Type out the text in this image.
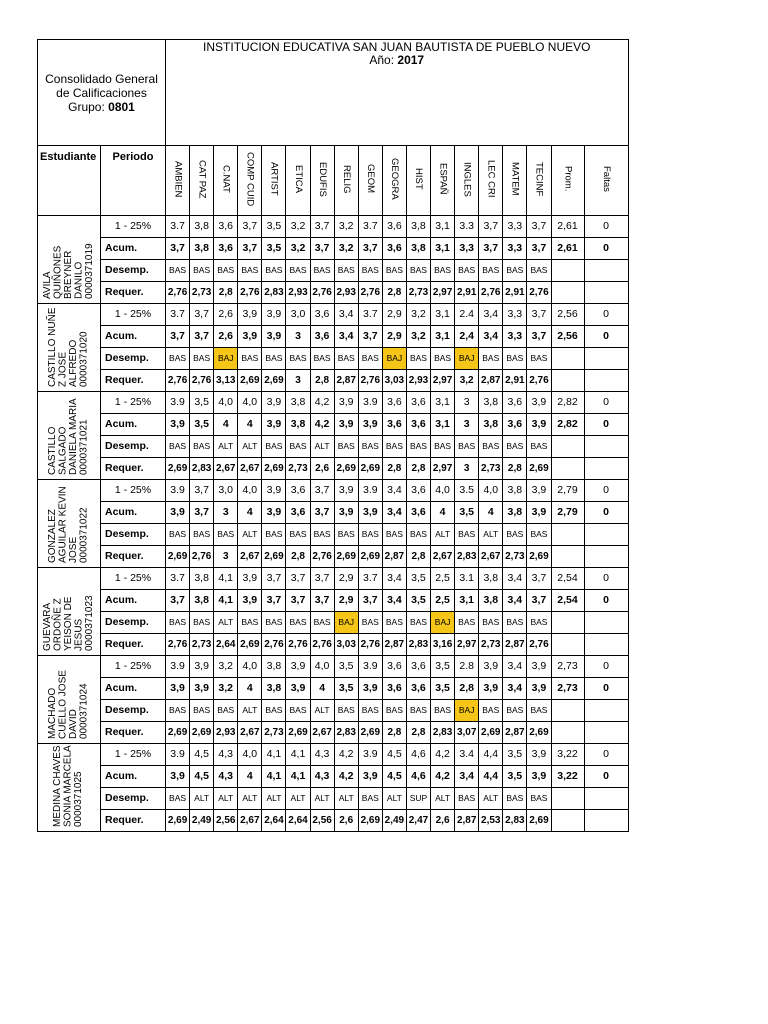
Consolidado General
de Calificaciones
Grupo: 0801		INSTITUCION EDUCATIVA SAN JUAN BAUTISTA DE PUEBLO NUEVO
Año: 2017																	
Estudiante	Periodo	AMBIEN	CAT PAZ	C.NAT	COMP CUID	ARTIST	ETICA	EDUFIS	RELIG	GEOM	GEOGRA	HIST	ESPAÑ	INGLES	LEC CRI	MATEM	TECINF	Prom.	Faltas
AVILA QUIÑONES BREYNER DANILO 0000371019	1 - 25%	3.7	3,8	3,6	3,7	3,5	3,2	3,7	3,2	3.7	3,6	3,8	3,1	3.3	3,7	3,3	3,7	2,61	0
	Acum.	3,7	3,8	3,6	3,7	3,5	3,2	3,7	3,2	3,7	3,6	3,8	3,1	3,3	3,7	3,3	3,7	2,61	0
	Desemp.	BAS	BAS	BAS	BAS	BAS	BAS	BAS	BAS	BAS	BAS	BAS	BAS	BAS	BAS	BAS	BAS		
	Requer.	2,76	2,73	2,8	2,76	2,83	2,93	2,76	2,93	2,76	2,8	2,73	2,97	2,91	2,76	2,91	2,76		
CASTILLO NUÑE Z JOSE ALFREDO 0000371020	1 - 25%	3.7	3,7	2,6	3,9	3,9	3,0	3,6	3,4	3.7	2,9	3,2	3,1	2.4	3,4	3,3	3,7	2,56	0
	Acum.	3,7	3,7	2,6	3,9	3,9	3	3,6	3,4	3,7	2,9	3,2	3,1	2,4	3,4	3,3	3,7	2,56	0
	Desemp.	BAS	BAS	BAJ	BAS	BAS	BAS	BAS	BAS	BAS	BAJ	BAS	BAS	BAJ	BAS	BAS	BAS		
	Requer.	2,76	2,76	3,13	2,69	2,69	3	2,8	2,87	2,76	3,03	2,93	2,97	3,2	2,87	2,91	2,76		
CASTILLO SALGADO DANIELA MARIA 0000371021	1 - 25%	3.9	3,5	4,0	4,0	3,9	3,8	4,2	3,9	3.9	3,6	3,6	3,1	3	3,8	3,6	3,9	2,82	0
	Acum.	3,9	3,5	4	4	3,9	3,8	4,2	3,9	3,9	3,6	3,6	3,1	3	3,8	3,6	3,9	2,82	0
	Desemp.	BAS	BAS	ALT	ALT	BAS	BAS	ALT	BAS	BAS	BAS	BAS	BAS	BAS	BAS	BAS	BAS		
	Requer.	2,69	2,83	2,67	2,67	2,69	2,73	2,6	2,69	2,69	2,8	2,8	2,97	3	2,73	2,8	2,69		
GONZALEZ AGUILAR KEVIN JOSE 0000371022	1 - 25%	3.9	3,7	3,0	4,0	3,9	3,6	3,7	3,9	3.9	3,4	3,6	4,0	3.5	4,0	3,8	3,9	2,79	0
	Acum.	3,9	3,7	3	4	3,9	3,6	3,7	3,9	3,9	3,4	3,6	4	3,5	4	3,8	3,9	2,79	0
	Desemp.	BAS	BAS	BAS	ALT	BAS	BAS	BAS	BAS	BAS	BAS	BAS	ALT	BAS	ALT	BAS	BAS		
	Requer.	2,69	2,76	3	2,67	2,69	2,8	2,76	2,69	2,69	2,87	2,8	2,67	2,83	2,67	2,73	2,69		
GUEVARA ORDOÑE Z YEISON DE JESUS 0000371023	1 - 25%	3.7	3,8	4,1	3,9	3,7	3,7	3,7	2,9	3.7	3,4	3,5	2,5	3.1	3,8	3,4	3,7	2,54	0
	Acum.	3,7	3,8	4,1	3,9	3,7	3,7	3,7	2,9	3,7	3,4	3,5	2,5	3,1	3,8	3,4	3,7	2,54	0
	Desemp.	BAS	BAS	ALT	BAS	BAS	BAS	BAS	BAJ	BAS	BAS	BAS	BAJ	BAS	BAS	BAS	BAS		
	Requer.	2,76	2,73	2,64	2,69	2,76	2,76	2,76	3,03	2,76	2,87	2,83	3,16	2,97	2,73	2,87	2,76		
MACHADO CUELLO JOSE DAVID 0000371024	1 - 25%	3.9	3,9	3,2	4,0	3,8	3,9	4,0	3,5	3.9	3,6	3,6	3,5	2.8	3,9	3,4	3,9	2,73	0
	Acum.	3,9	3,9	3,2	4	3,8	3,9	4	3,5	3,9	3,6	3,6	3,5	2,8	3,9	3,4	3,9	2,73	0
	Desemp.	BAS	BAS	BAS	ALT	BAS	BAS	ALT	BAS	BAS	BAS	BAS	BAS	BAJ	BAS	BAS	BAS		
	Requer.	2,69	2,69	2,93	2,67	2,73	2,69	2,67	2,83	2,69	2,8	2,8	2,83	3,07	2,69	2,87	2,69		
MEDINA CHAVES SONIA MARCELA 0000371025	1 - 25%	3.9	4,5	4,3	4,0	4,1	4,1	4,3	4,2	3.9	4,5	4,6	4,2	3.4	4,4	3,5	3,9	3,22	0
	Acum.	3,9	4,5	4,3	4	4,1	4,1	4,3	4,2	3,9	4,5	4,6	4,2	3,4	4,4	3,5	3,9	3,22	0
	Desemp.	BAS	ALT	ALT	ALT	ALT	ALT	ALT	ALT	BAS	ALT	SUP	ALT	BAS	ALT	BAS	BAS		
	Requer.	2,69	2,49	2,56	2,67	2,64	2,64	2,56	2,6	2,69	2,49	2,47	2,6	2,87	2,53	2,83	2,69		
